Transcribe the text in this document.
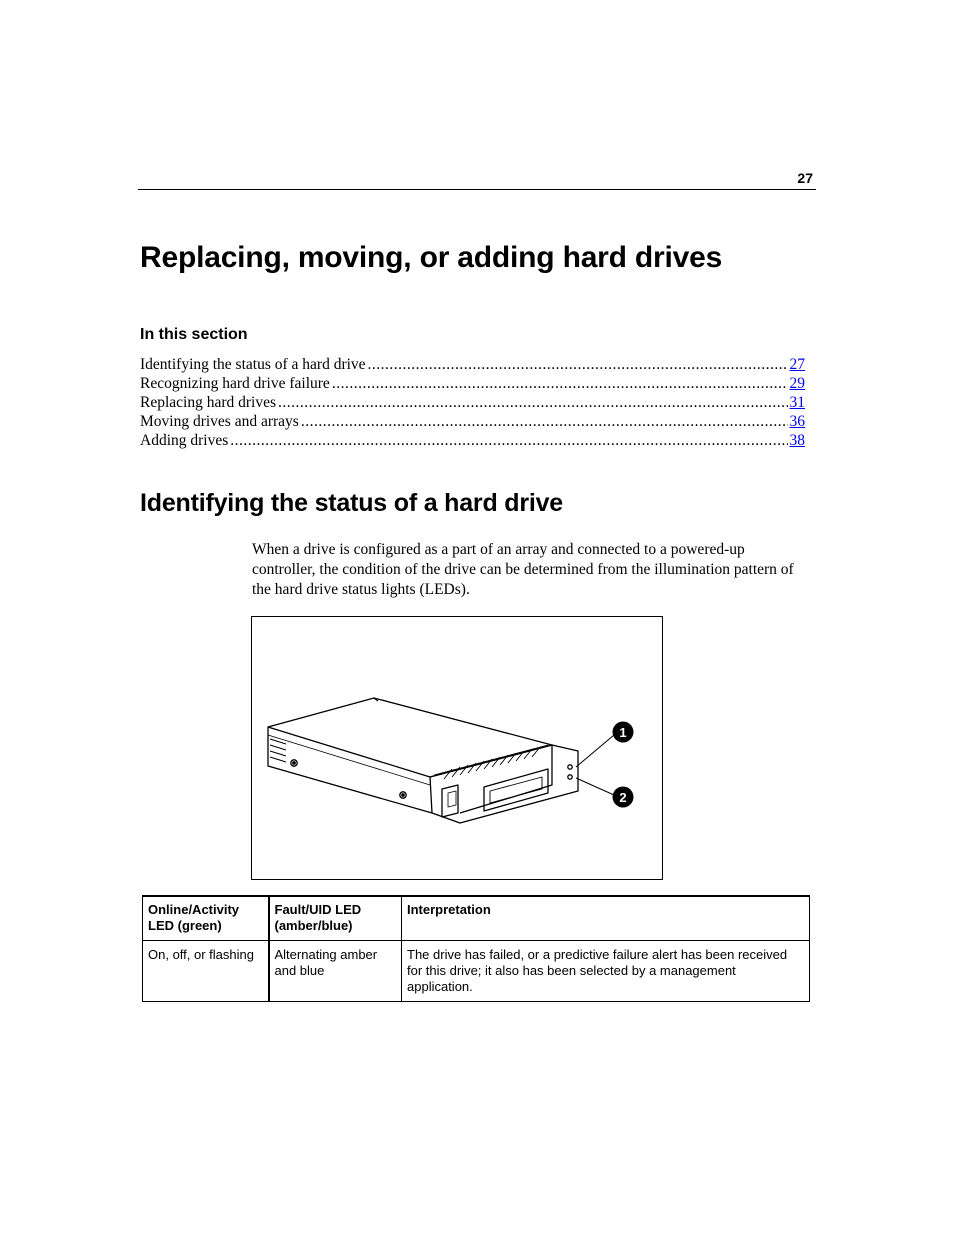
27
Replacing, moving, or adding hard drives
In this section
Identifying the status of a hard drive .....	27
Recognizing hard drive failure .....	29
Replacing hard drives .....	31
Moving drives and arrays .....	36
Adding drives .....	38
Identifying the status of a hard drive

When a drive is configured as a part of an array and connected to a powered-up controller, the condition of the drive can be determined from the illumination pattern of the hard drive status lights (LEDs).

1
2
Online/Activity LED (green)	Fault/UID LED (amber/blue)	Interpretation
On, off, or flashing	Alternating amber and blue	The drive has failed, or a predictive failure alert has been received for this drive; it also has been selected by a management application.
